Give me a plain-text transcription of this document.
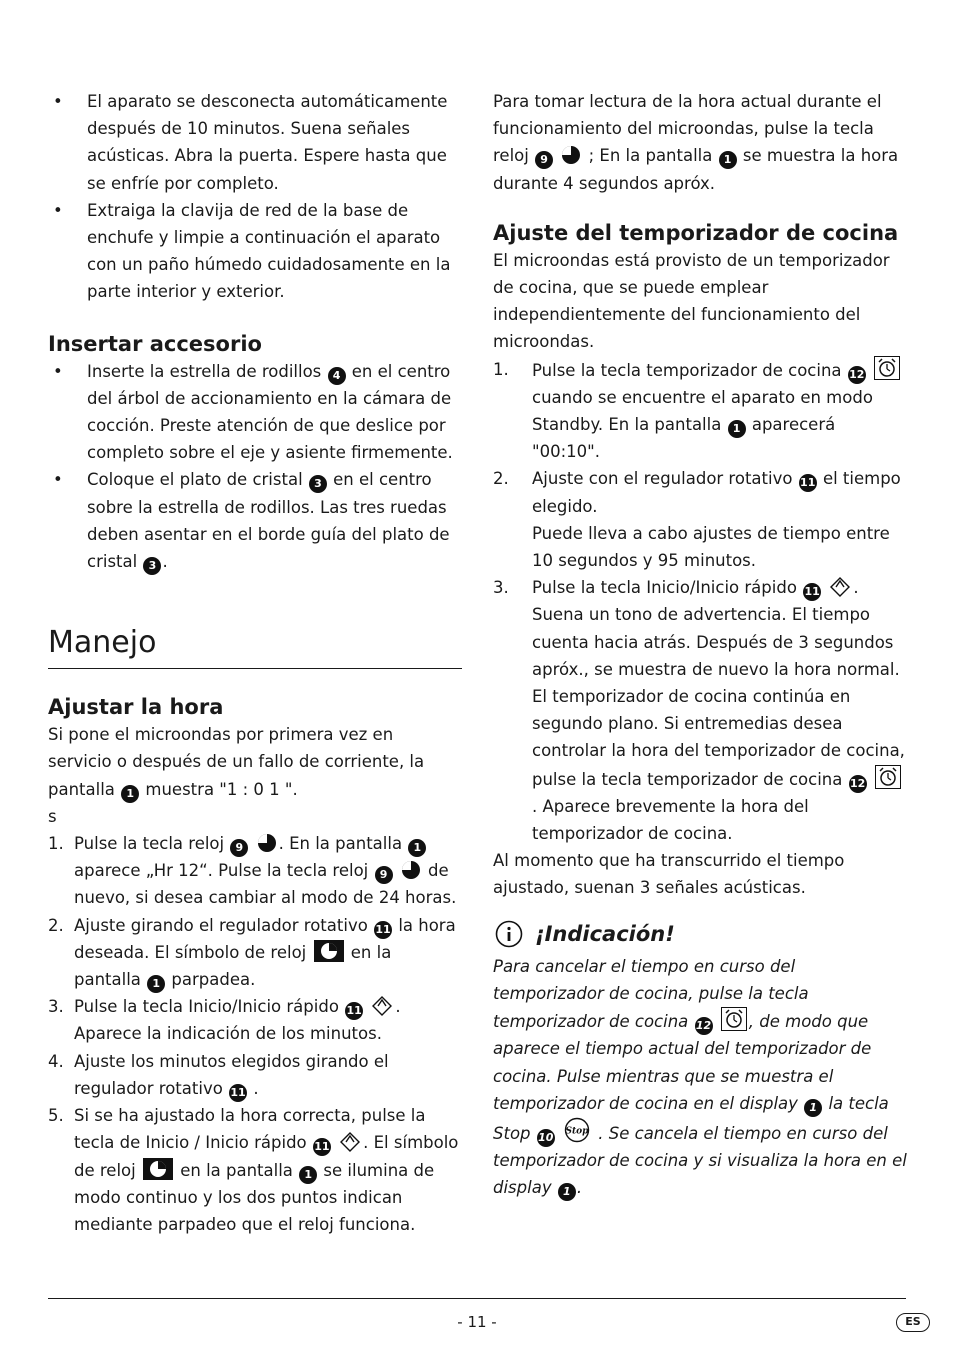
• El aparato se desconecta automáticamente después de 10 minutos. Suena señales acústicas. Abra la puerta. Espere hasta que se enfríe por completo.

• Extraiga la clavija de red de la base de enchufe y limpie a continuación el aparato con un paño húmedo cuidadosamente en la parte interior y exterior.

Insertar accesorio

• Inserte la estrella de rodillos 4 en el centro del árbol de accionamiento en la cámara de cocción. Preste atención de que deslice por completo sobre el eje y asiente firmemente.

• Coloque el plato de cristal 3 en el centro sobre la estrella de rodillos. Las tres ruedas deben asentar en el borde guía del plato de cristal 3 .

Manejo
Ajustar la hora

Si pone el microondas por primera vez en servicio o después de un fallo de corriente, la pantalla 1 muestra "1 : 0 1 ".

s

1. Pulse la tecla reloj 9 . En la pantalla 1 aparece „Hr 12“. Pulse la tecla reloj 9 de nuevo, si desea cambiar al modo de 24 horas.

2. Ajuste girando el regulador rotativo 11 la hora deseada. El símbolo de reloj	en la pantalla 1 parpadea.

3. Pulse la tecla Inicio/Inicio rápido 11 . Aparece la indicación de los minutos.

4. Ajuste los minutos elegidos girando el regulador rotativo 11 .

5. Si se ha ajustado la hora correcta, pulse la tecla de Inicio / Inicio rápido 11 . El símbolo de reloj	en la pantalla 1 se ilumina de modo continuo y los dos puntos indican mediante parpadeo que el reloj funciona.

Para tomar lectura de la hora actual durante el funcionamiento del microondas, pulse la tecla reloj 9 ; En la pantalla 1 se muestra la hora durante 4 segundos apróx.

Ajuste del temporizador de cocina

El microondas está provisto de un temporizador de cocina, que se puede emplear independientemente del funcionamiento del microondas.

1. Pulse la tecla temporizador de cocina 12
cuando se encuentre el aparato en modo Standby. En la pantalla 1 aparecerá "00:10".

2. Ajuste con el regulador rotativo 11 el tiempo elegido.

Puede lleva a cabo ajustes de tiempo entre 10 segundos y 95 minutos.

3. Pulse la tecla Inicio/Inicio rápido 11 . Suena un tono de advertencia. El tiempo cuenta hacia atrás. Después de 3 segundos apróx., se muestra de nuevo la hora normal. El temporizador de cocina continúa en segundo plano. Si entremedias desea controlar la hora del temporizador de cocina, pulse la tecla temporizador de cocina 12
. Aparece brevemente la hora del temporizador de cocina.

Al momento que ha transcurrido el tiempo ajustado, suenan 3 señales acústicas.

¡Indicación!

Para cancelar el tiempo en curso del temporizador de cocina, pulse la tecla temporizador de cocina 12 , de modo que aparece el tiempo actual del temporizador de cocina. Pulse mientras que se muestra el temporizador de cocina en el display 1 la tecla Stop 10 Stop . Se cancela el tiempo en curso del temporizador de cocina y si visualiza la hora en el display 1 .

- 11 -	ES
